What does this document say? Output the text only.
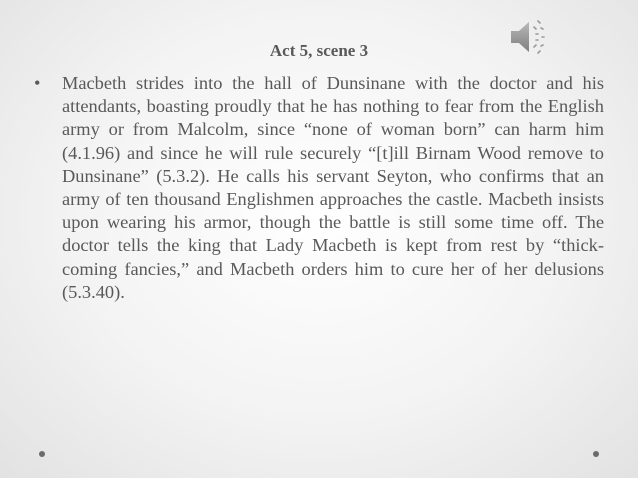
Act 5, scene 3
•	Macbeth strides into the hall of Dunsinane with the doctor and his attendants, boasting proudly that he has nothing to fear from the English army or from Malcolm, since “none of woman born” can harm him (4.1.96) and since he will rule securely “[t]ill Birnam Wood remove to Dunsinane” (5.3.2). He calls his servant Seyton, who confirms that an army of ten thousand Englishmen approaches the castle. Macbeth insists upon wearing his armor, though the battle is still some time off. The doctor tells the king that Lady Macbeth is kept from rest by “thick-coming fancies,” and Macbeth orders him to cure her of her delusions (5.3.40).
